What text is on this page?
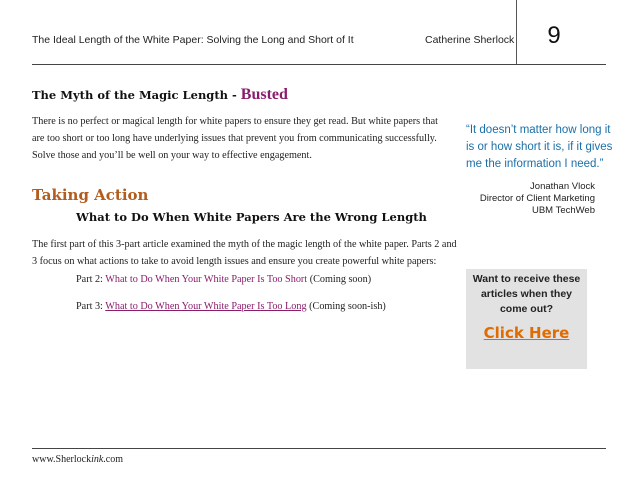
The Ideal Length of the White Paper: Solving the Long and Short of It	Catherine Sherlock	9
The Myth of the Magic Length - Busted
There is no perfect or magical length for white papers to ensure they get read. But white papers that are too short or too long have underlying issues that prevent you from communicating successfully. Solve those and you’ll be well on your way to effective engagement.
Taking Action
What to Do When White Papers Are the Wrong Length
The first part of this 3-part article examined the myth of the magic length of the white paper. Parts 2 and 3 focus on what actions to take to avoid length issues and ensure you create powerful white papers:
Part 2: What to Do When Your White Paper Is Too Short (Coming soon)
Part 3: What to Do When Your White Paper Is Too Long (Coming soon-ish)
“It doesn’t matter how long it is or how short it is, if it gives me the information I need.”
Jonathan Vlock
Director of Client Marketing
UBM TechWeb
Want to receive these articles when they come out?
Click Here
www.Sherlockink.com
